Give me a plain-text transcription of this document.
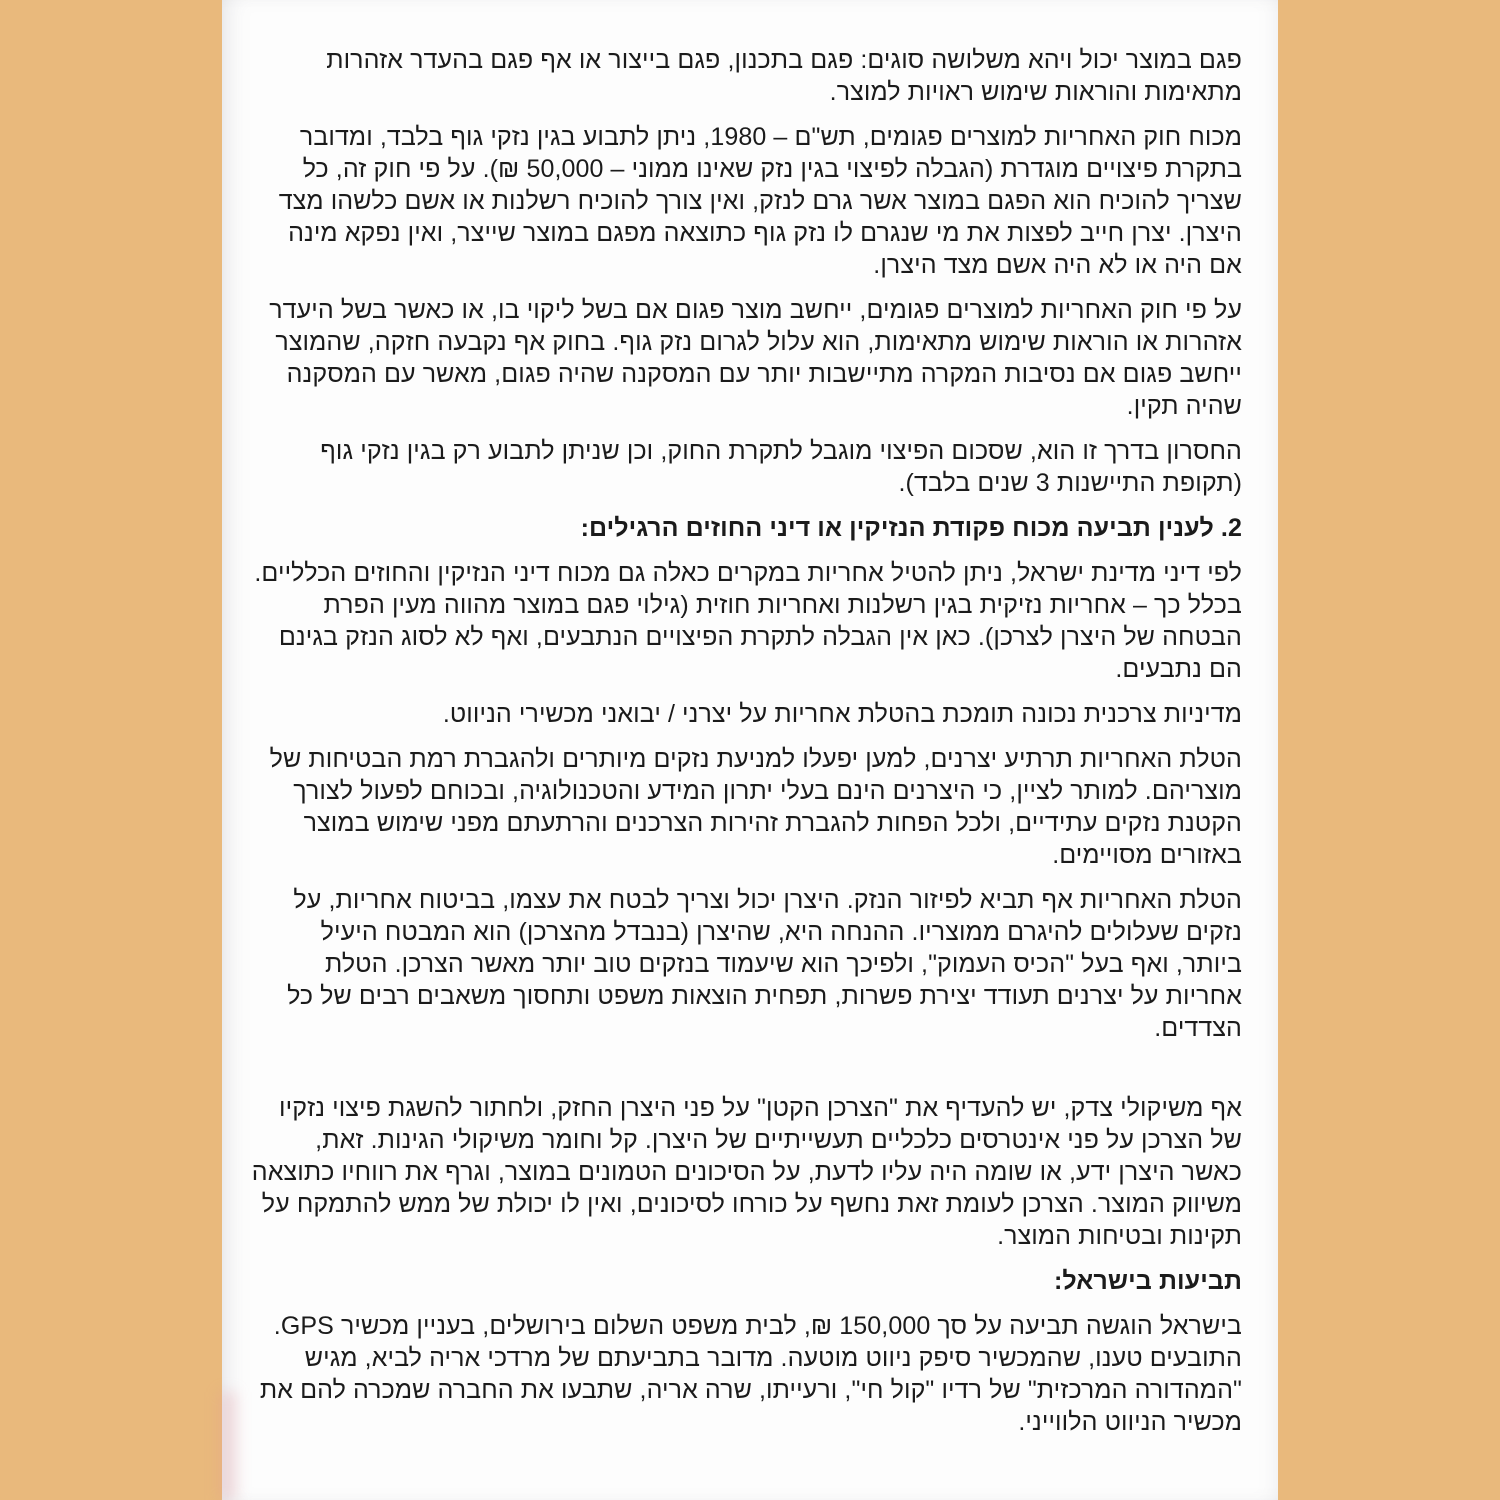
פגם במוצר יכול ויהא משלושה סוגים: פגם בתכנון, פגם בייצור או אף פגם בהעדר אזהרות מתאימות והוראות שימוש ראויות למוצר.

מכוח חוק האחריות למוצרים פגומים, תש"ם – 1980, ניתן לתבוע בגין נזקי גוף בלבד, ומדובר בתקרת פיצויים מוגדרת (הגבלה לפיצוי בגין נזק שאינו ממוני – 50,000 ₪). על פי חוק זה, כל שצריך להוכיח הוא הפגם במוצר אשר גרם לנזק, ואין צורך להוכיח רשלנות או אשם כלשהו מצד היצרן. יצרן חייב לפצות את מי שנגרם לו נזק גוף כתוצאה מפגם במוצר שייצר, ואין נפקא מינה אם היה או לא היה אשם מצד היצרן.

על פי חוק האחריות למוצרים פגומים, ייחשב מוצר פגום אם בשל ליקוי בו, או כאשר בשל היעדר אזהרות או הוראות שימוש מתאימות, הוא עלול לגרום נזק גוף. בחוק אף נקבעה חזקה, שהמוצר ייחשב פגום אם נסיבות המקרה מתיישבות יותר עם המסקנה שהיה פגום, מאשר עם המסקנה שהיה תקין.

החסרון בדרך זו הוא, שסכום הפיצוי מוגבל לתקרת החוק, וכן שניתן לתבוע רק בגין נזקי גוף (תקופת התיישנות 3 שנים בלבד).

2. לענין תביעה מכוח פקודת הנזיקין או דיני החוזים הרגילים:

לפי דיני מדינת ישראל, ניתן להטיל אחריות במקרים כאלה גם מכוח דיני הנזיקין והחוזים הכלליים. בכלל כך – אחריות נזיקית בגין רשלנות ואחריות חוזית (גילוי פגם במוצר מהווה מעין הפרת הבטחה של היצרן לצרכן). כאן אין הגבלה לתקרת הפיצויים הנתבעים, ואף לא לסוג הנזק בגינם הם נתבעים.

מדיניות צרכנית נכונה תומכת בהטלת אחריות על יצרני / יבואני מכשירי הניווט.

הטלת האחריות תרתיע יצרנים, למען יפעלו למניעת נזקים מיותרים ולהגברת רמת הבטיחות של מוצריהם. למותר לציין, כי היצרנים הינם בעלי יתרון המידע והטכנולוגיה, ובכוחם לפעול לצורך הקטנת נזקים עתידיים, ולכל הפחות להגברת זהירות הצרכנים והרתעתם מפני שימוש במוצר באזורים מסויימים.

הטלת האחריות אף תביא לפיזור הנזק. היצרן יכול וצריך לבטח את עצמו, בביטוח אחריות, על נזקים שעלולים להיגרם ממוצריו. ההנחה היא, שהיצרן (בנבדל מהצרכן) הוא המבטח היעיל ביותר, ואף בעל "הכיס העמוק", ולפיכך הוא שיעמוד בנזקים טוב יותר מאשר הצרכן. הטלת אחריות על יצרנים תעודד יצירת פשרות, תפחית הוצאות משפט ותחסוך משאבים רבים של כל הצדדים.

אף משיקולי צדק, יש להעדיף את "הצרכן הקטן" על פני היצרן החזק, ולחתור להשגת פיצוי נזקיו של הצרכן על פני אינטרסים כלכליים תעשייתיים של היצרן. קל וחומר משיקולי הגינות. זאת, כאשר היצרן ידע, או שומה היה עליו לדעת, על הסיכונים הטמונים במוצר, וגרף את רווחיו כתוצאה משיווק המוצר. הצרכן לעומת זאת נחשף על כורחו לסיכונים, ואין לו יכולת של ממש להתמקח על תקינות ובטיחות המוצר.

תביעות בישראל:

בישראל הוגשה תביעה על סך 150,000 ₪, לבית משפט השלום בירושלים, בעניין מכשיר GPS. התובעים טענו, שהמכשיר סיפק ניווט מוטעה. מדובר בתביעתם של מרדכי אריה לביא, מגיש "המהדורה המרכזית" של רדיו "קול חי", ורעייתו, שרה אריה, שתבעו את החברה שמכרה להם את מכשיר הניווט הלווייני.
